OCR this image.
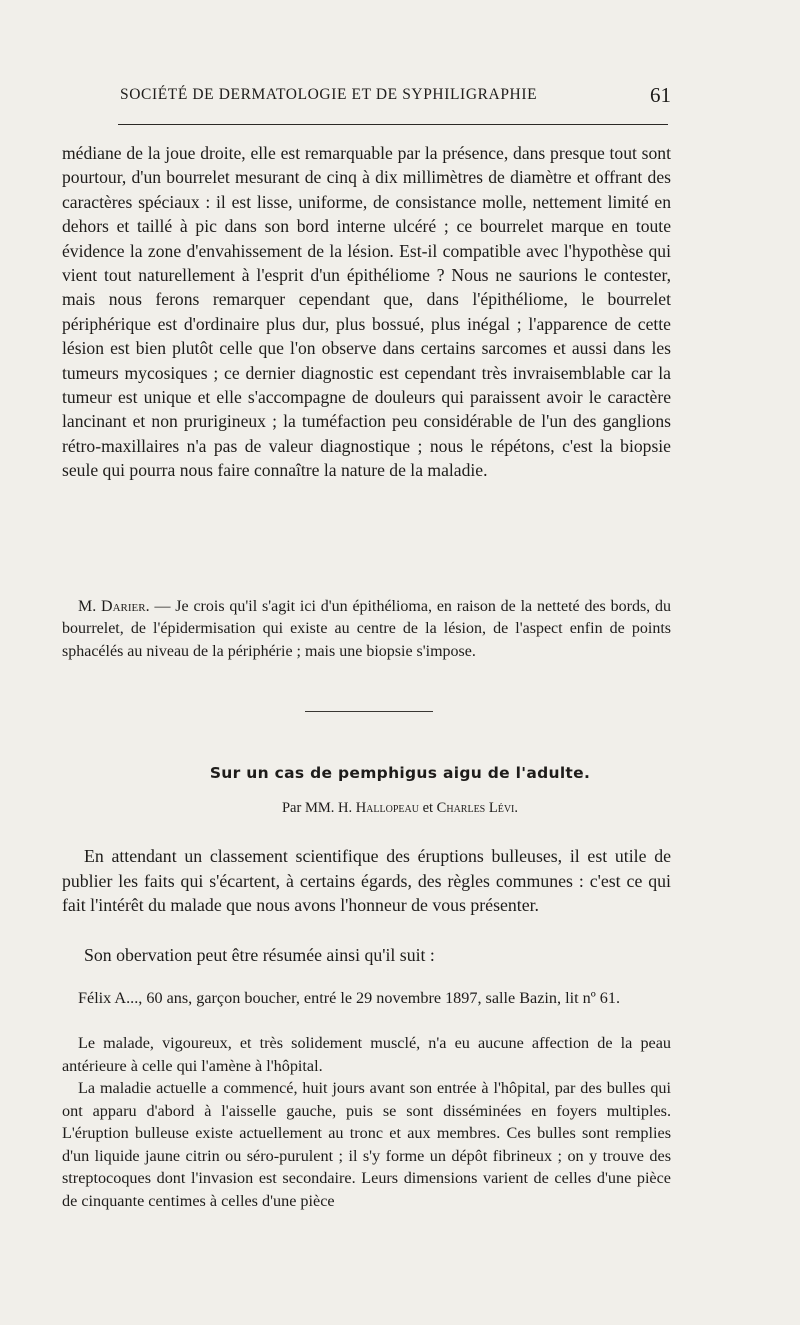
SOCIÉTÉ DE DERMATOLOGIE ET DE SYPHILIGRAPHIE	61

médiane de la joue droite, elle est remarquable par la présence, dans presque tout sont pourtour, d'un bourrelet mesurant de cinq à dix millimètres de diamètre et offrant des caractères spéciaux : il est lisse, uniforme, de consistance molle, nettement limité en dehors et taillé à pic dans son bord interne ulcéré ; ce bourrelet marque en toute évidence la zone d'envahissement de la lésion. Est-il compatible avec l'hypothèse qui vient tout naturellement à l'esprit d'un épithéliome ? Nous ne saurions le contester, mais nous ferons remarquer cependant que, dans l'épithéliome, le bourrelet périphérique est d'ordinaire plus dur, plus bossué, plus inégal ; l'apparence de cette lésion est bien plutôt celle que l'on observe dans certains sarcomes et aussi dans les tumeurs mycosiques ; ce dernier diagnostic est cependant très invraisemblable car la tumeur est unique et elle s'accompagne de douleurs qui paraissent avoir le caractère lancinant et non prurigineux ; la tuméfaction peu considérable de l'un des ganglions rétro-maxillaires n'a pas de valeur diagnostique ; nous le répétons, c'est la biopsie seule qui pourra nous faire connaître la nature de la maladie.

M. Darier. — Je crois qu'il s'agit ici d'un épithélioma, en raison de la netteté des bords, du bourrelet, de l'épidermisation qui existe au centre de la lésion, de l'aspect enfin de points sphacélés au niveau de la périphérie ; mais une biopsie s'impose.

Sur un cas de pemphigus aigu de l'adulte.

Par MM. H. Hallopeau et Charles Lévi.

En attendant un classement scientifique des éruptions bulleuses, il est utile de publier les faits qui s'écartent, à certains égards, des règles communes : c'est ce qui fait l'intérêt du malade que nous avons l'honneur de vous présenter.

Son obervation peut être résumée ainsi qu'il suit :

Félix A..., 60 ans, garçon boucher, entré le 29 novembre 1897, salle Bazin, lit nº 61.

Le malade, vigoureux, et très solidement musclé, n'a eu aucune affection de la peau antérieure à celle qui l'amène à l'hôpital.

La maladie actuelle a commencé, huit jours avant son entrée à l'hôpital, par des bulles qui ont apparu d'abord à l'aisselle gauche, puis se sont disséminées en foyers multiples. L'éruption bulleuse existe actuellement au tronc et aux membres. Ces bulles sont remplies d'un liquide jaune citrin ou séro-purulent ; il s'y forme un dépôt fibrineux ; on y trouve des streptocoques dont l'invasion est secondaire. Leurs dimensions varient de celles d'une pièce de cinquante centimes à celles d'une pièce
